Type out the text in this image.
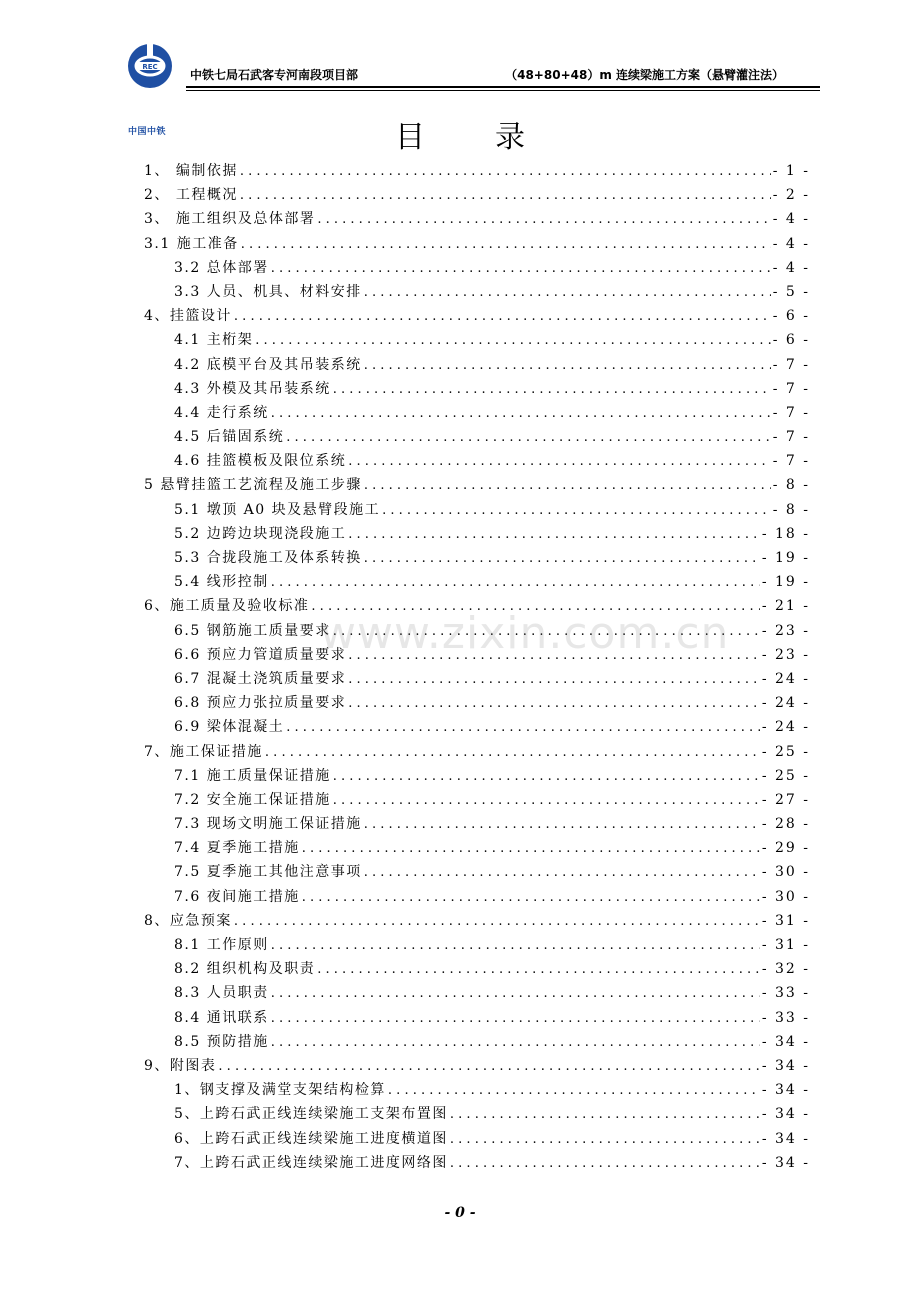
REC
中国中铁
中铁七局石武客专河南段项目部	（48+80+48）m 连续梁施工方案（悬臂灌注法）
目录
1、 编制依据 . . .	- 1 -
2、 工程概况 . . .	- 2 -
3、 施工组织及总体部署 . . .	- 4 -
3.1 施工准备 . . .	- 4 -
3.2 总体部署 . . .	- 4 -
3.3 人员、机具、材料安排 . . .	- 5 -
4、挂篮设计 . . .	- 6 -
4.1 主桁架 . . .	- 6 -
4.2 底模平台及其吊装系统 . . .	- 7 -
4.3 外模及其吊装系统 . . .	- 7 -
4.4 走行系统 . . .	- 7 -
4.5 后锚固系统 . . .	- 7 -
4.6 挂篮模板及限位系统 . . .	- 7 -
5 悬臂挂篮工艺流程及施工步骤 . . .	- 8 -
5.1 墩顶 A0 块及悬臂段施工 . . .	- 8 -
5.2 边跨边块现浇段施工 . . .	- 18 -
5.3 合拢段施工及体系转换 . . .	- 19 -
5.4 线形控制 . . .	- 19 -
6、施工质量及验收标准 . . .	- 21 -
6.5 钢筋施工质量要求 . . .	- 23 -
6.6 预应力管道质量要求 . . .	- 23 -
6.7 混凝土浇筑质量要求 . . .	- 24 -
6.8 预应力张拉质量要求 . . .	- 24 -
6.9 梁体混凝土 . . .	- 24 -
7、施工保证措施 . . .	- 25 -
7.1 施工质量保证措施 . . .	- 25 -
7.2 安全施工保证措施 . . .	- 27 -
7.3 现场文明施工保证措施 . . .	- 28 -
7.4 夏季施工措施 . . .	- 29 -
7.5 夏季施工其他注意事项 . . .	- 30 -
7.6 夜间施工措施 . . .	- 30 -
8、应急预案 . . .	- 31 -
8.1 工作原则 . . .	- 31 -
8.2 组织机构及职责 . . .	- 32 -
8.3 人员职责 . . .	- 33 -
8.4 通讯联系 . . .	- 33 -
8.5 预防措施 . . .	- 34 -
9、附图表 . . .	- 34 -
1、钢支撑及满堂支架结构检算 . . .	- 34 -
5、上跨石武正线连续梁施工支架布置图 . . .	- 34 -
6、上跨石武正线连续梁施工进度横道图 . . .	- 34 -
7、上跨石武正线连续梁施工进度网络图 . . .	- 34 -
www.zixin.com.cn
- 0 -
